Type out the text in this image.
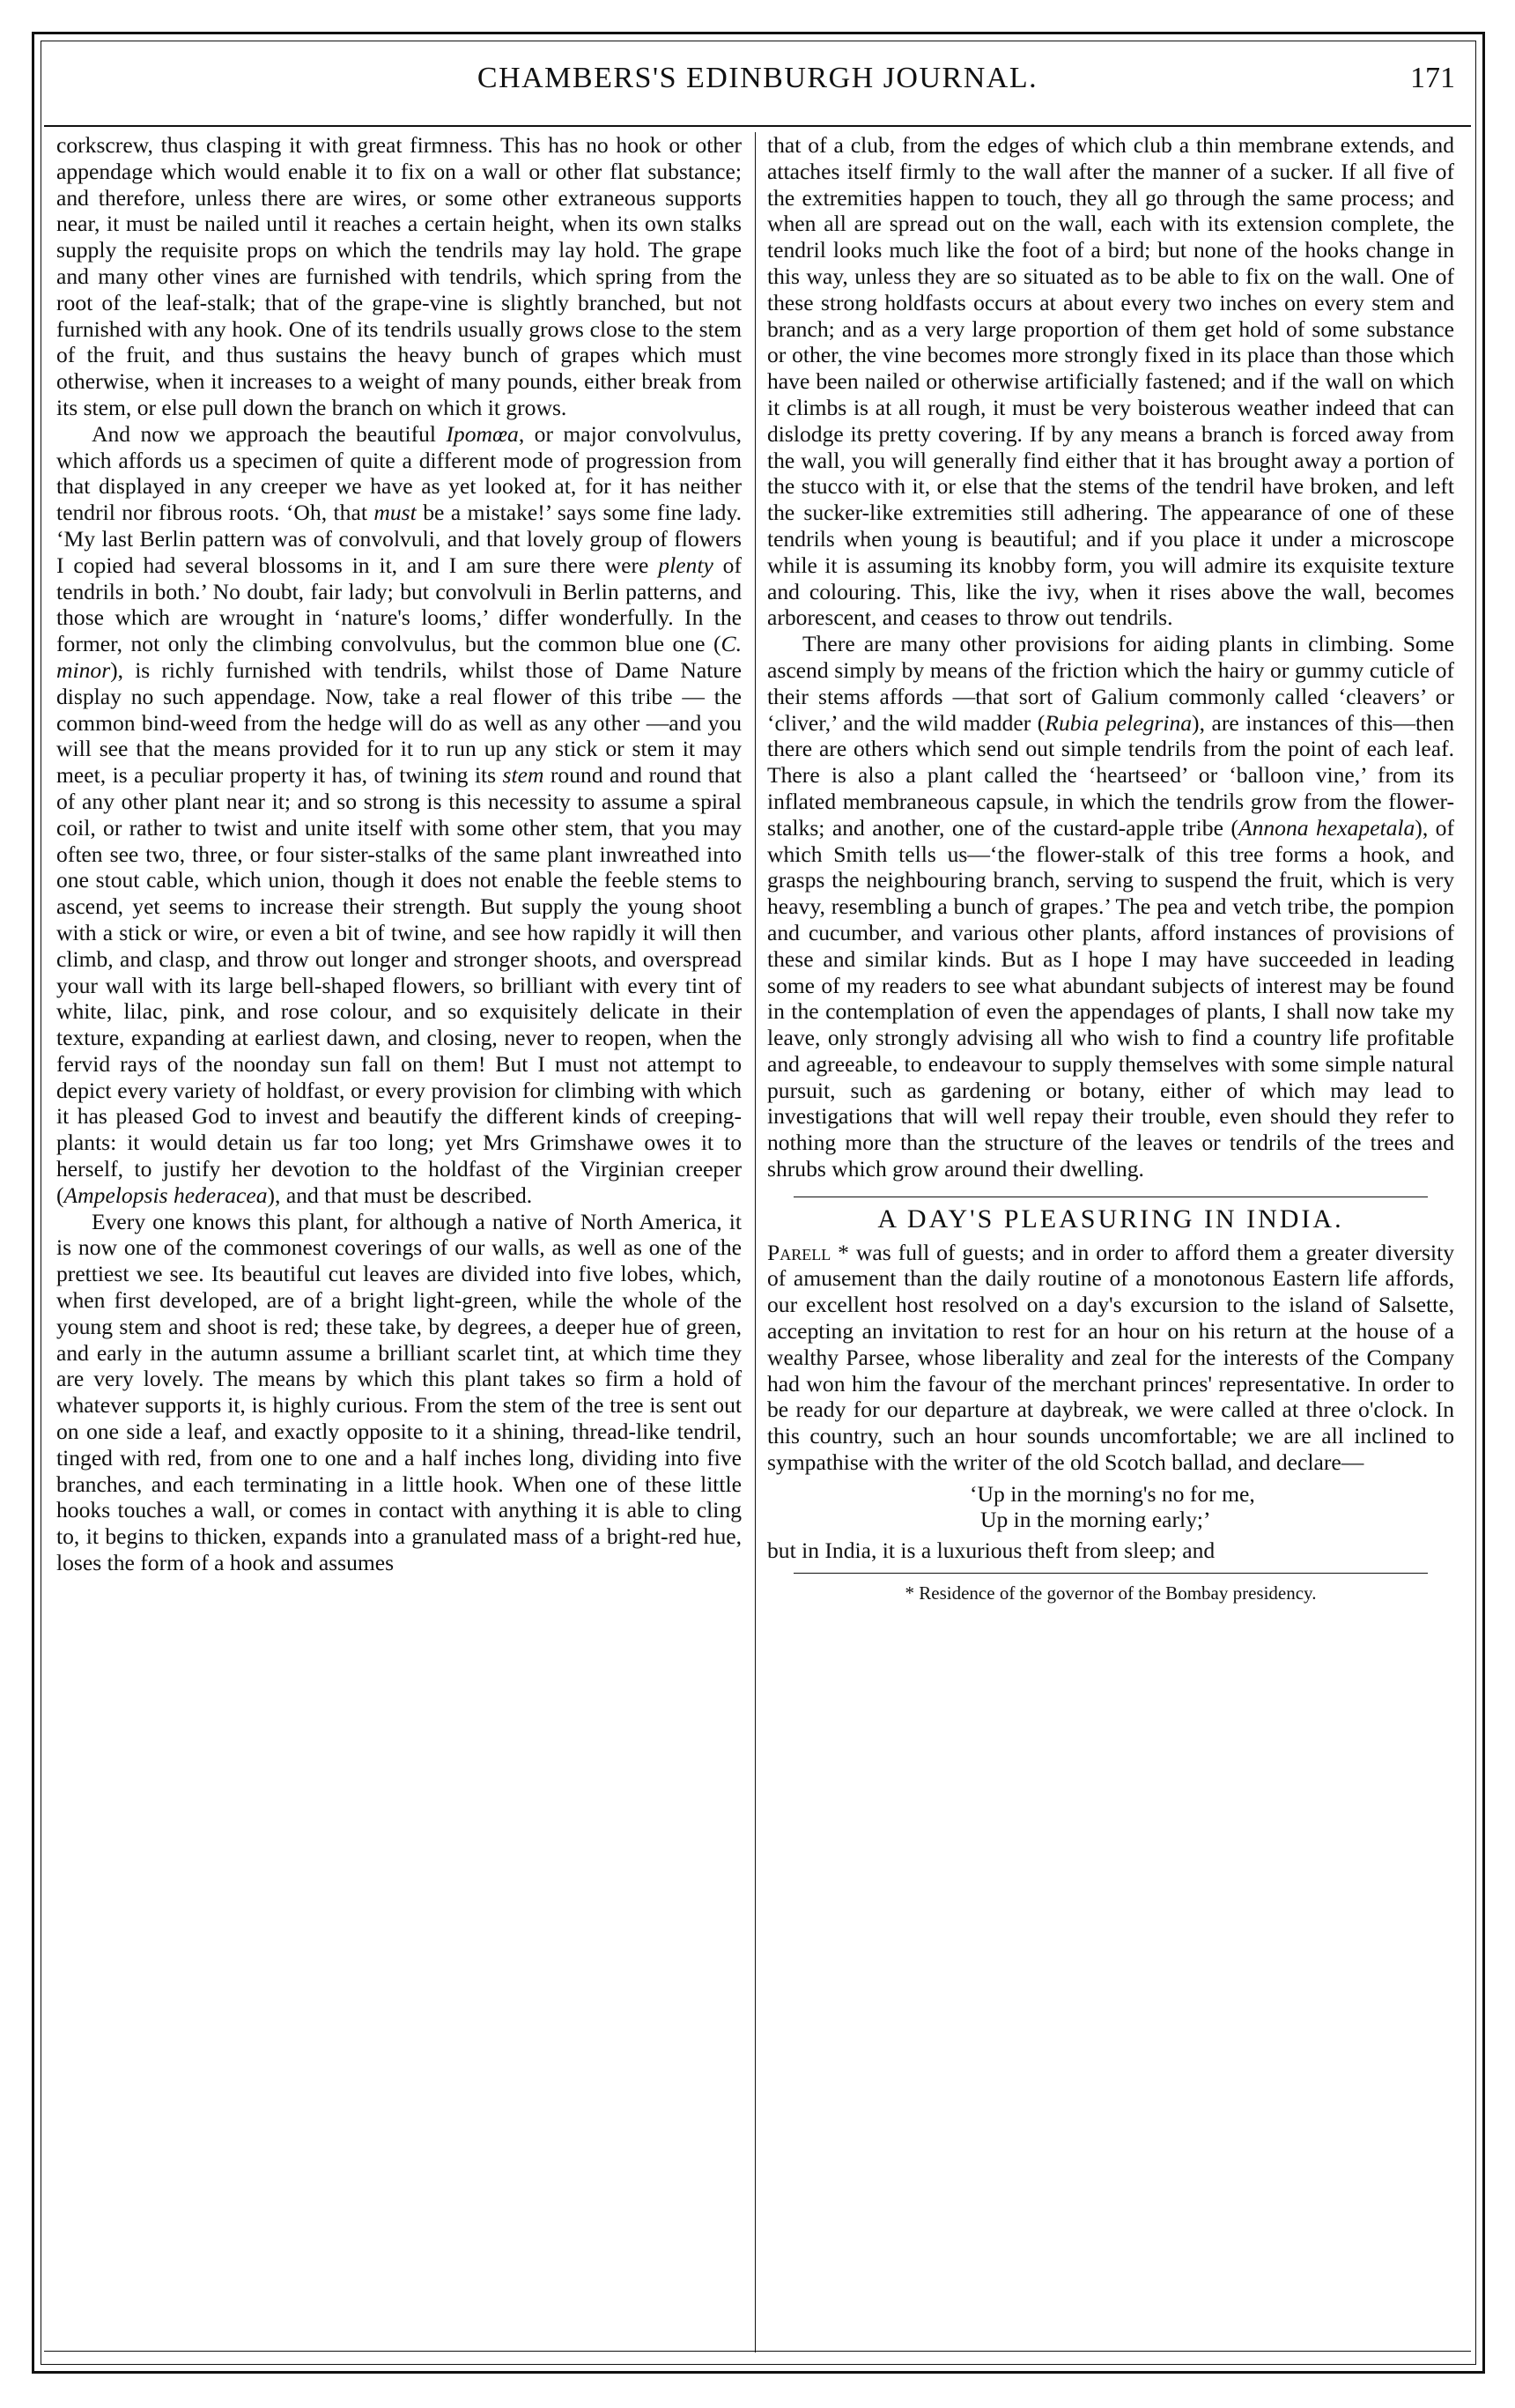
CHAMBERS'S EDINBURGH JOURNAL.	171

corkscrew, thus clasping it with great firmness. This has no hook or other appendage which would enable it to fix on a wall or other flat substance; and therefore, unless there are wires, or some other extraneous supports near, it must be nailed until it reaches a certain height, when its own stalks supply the requisite props on which the tendrils may lay hold. The grape and many other vines are furnished with tendrils, which spring from the root of the leaf-stalk; that of the grape-vine is slightly branched, but not furnished with any hook. One of its tendrils usually grows close to the stem of the fruit, and thus sustains the heavy bunch of grapes which must otherwise, when it increases to a weight of many pounds, either break from its stem, or else pull down the branch on which it grows.

And now we approach the beautiful Ipomœa, or major convolvulus, which affords us a specimen of quite a different mode of progression from that displayed in any creeper we have as yet looked at, for it has neither tendril nor fibrous roots. ‘Oh, that must be a mistake!’ says some fine lady. ‘My last Berlin pattern was of convolvuli, and that lovely group of flowers I copied had several blossoms in it, and I am sure there were plenty of tendrils in both.’ No doubt, fair lady; but convolvuli in Berlin patterns, and those which are wrought in ‘nature's looms,’ differ wonderfully. In the former, not only the climbing convolvulus, but the common blue one (C. minor), is richly furnished with tendrils, whilst those of Dame Nature display no such appendage. Now, take a real flower of this tribe — the common bind-weed from the hedge will do as well as any other —and you will see that the means provided for it to run up any stick or stem it may meet, is a peculiar property it has, of twining its stem round and round that of any other plant near it; and so strong is this necessity to assume a spiral coil, or rather to twist and unite itself with some other stem, that you may often see two, three, or four sister-stalks of the same plant inwreathed into one stout cable, which union, though it does not enable the feeble stems to ascend, yet seems to increase their strength. But supply the young shoot with a stick or wire, or even a bit of twine, and see how rapidly it will then climb, and clasp, and throw out longer and stronger shoots, and overspread your wall with its large bell-shaped flowers, so brilliant with every tint of white, lilac, pink, and rose colour, and so exquisitely delicate in their texture, expanding at earliest dawn, and closing, never to reopen, when the fervid rays of the noonday sun fall on them! But I must not attempt to depict every variety of holdfast, or every provision for climbing with which it has pleased God to invest and beautify the different kinds of creeping-plants: it would detain us far too long; yet Mrs Grimshawe owes it to herself, to justify her devotion to the holdfast of the Virginian creeper (Ampelopsis hederacea), and that must be described.

Every one knows this plant, for although a native of North America, it is now one of the commonest coverings of our walls, as well as one of the prettiest we see. Its beautiful cut leaves are divided into five lobes, which, when first developed, are of a bright light-green, while the whole of the young stem and shoot is red; these take, by degrees, a deeper hue of green, and early in the autumn assume a brilliant scarlet tint, at which time they are very lovely. The means by which this plant takes so firm a hold of whatever supports it, is highly curious. From the stem of the tree is sent out on one side a leaf, and exactly opposite to it a shining, thread-like tendril, tinged with red, from one to one and a half inches long, dividing into five branches, and each terminating in a little hook. When one of these little hooks touches a wall, or comes in contact with anything it is able to cling to, it begins to thicken, expands into a granulated mass of a bright-red hue, loses the form of a hook and assumes

that of a club, from the edges of which club a thin membrane extends, and attaches itself firmly to the wall after the manner of a sucker. If all five of the extremities happen to touch, they all go through the same process; and when all are spread out on the wall, each with its extension complete, the tendril looks much like the foot of a bird; but none of the hooks change in this way, unless they are so situated as to be able to fix on the wall. One of these strong holdfasts occurs at about every two inches on every stem and branch; and as a very large proportion of them get hold of some substance or other, the vine becomes more strongly fixed in its place than those which have been nailed or otherwise artificially fastened; and if the wall on which it climbs is at all rough, it must be very boisterous weather indeed that can dislodge its pretty covering. If by any means a branch is forced away from the wall, you will generally find either that it has brought away a portion of the stucco with it, or else that the stems of the tendril have broken, and left the sucker-like extremities still adhering. The appearance of one of these tendrils when young is beautiful; and if you place it under a microscope while it is assuming its knobby form, you will admire its exquisite texture and colouring. This, like the ivy, when it rises above the wall, becomes arborescent, and ceases to throw out tendrils.

There are many other provisions for aiding plants in climbing. Some ascend simply by means of the friction which the hairy or gummy cuticle of their stems affords —that sort of Galium commonly called ‘cleavers’ or ‘cliver,’ and the wild madder (Rubia pelegrina), are instances of this—then there are others which send out simple tendrils from the point of each leaf. There is also a plant called the ‘heartseed’ or ‘balloon vine,’ from its inflated membraneous capsule, in which the tendrils grow from the flower-stalks; and another, one of the custard-apple tribe (Annona hexapetala), of which Smith tells us—‘the flower-stalk of this tree forms a hook, and grasps the neighbouring branch, serving to suspend the fruit, which is very heavy, resembling a bunch of grapes.’ The pea and vetch tribe, the pompion and cucumber, and various other plants, afford instances of provisions of these and similar kinds. But as I hope I may have succeeded in leading some of my readers to see what abundant subjects of interest may be found in the contemplation of even the appendages of plants, I shall now take my leave, only strongly advising all who wish to find a country life profitable and agreeable, to endeavour to supply themselves with some simple natural pursuit, such as gardening or botany, either of which may lead to investigations that will well repay their trouble, even should they refer to nothing more than the structure of the leaves or tendrils of the trees and shrubs which grow around their dwelling.

A DAY'S PLEASURING IN INDIA.

Parell * was full of guests; and in order to afford them a greater diversity of amusement than the daily routine of a monotonous Eastern life affords, our excellent host resolved on a day's excursion to the island of Salsette, accepting an invitation to rest for an hour on his return at the house of a wealthy Parsee, whose liberality and zeal for the interests of the Company had won him the favour of the merchant princes' representative. In order to be ready for our departure at daybreak, we were called at three o'clock. In this country, such an hour sounds uncomfortable; we are all inclined to sympathise with the writer of the old Scotch ballad, and declare—

‘Up in the morning's no for me,
Up in the morning early;’

but in India, it is a luxurious theft from sleep; and

* Residence of the governor of the Bombay presidency.
